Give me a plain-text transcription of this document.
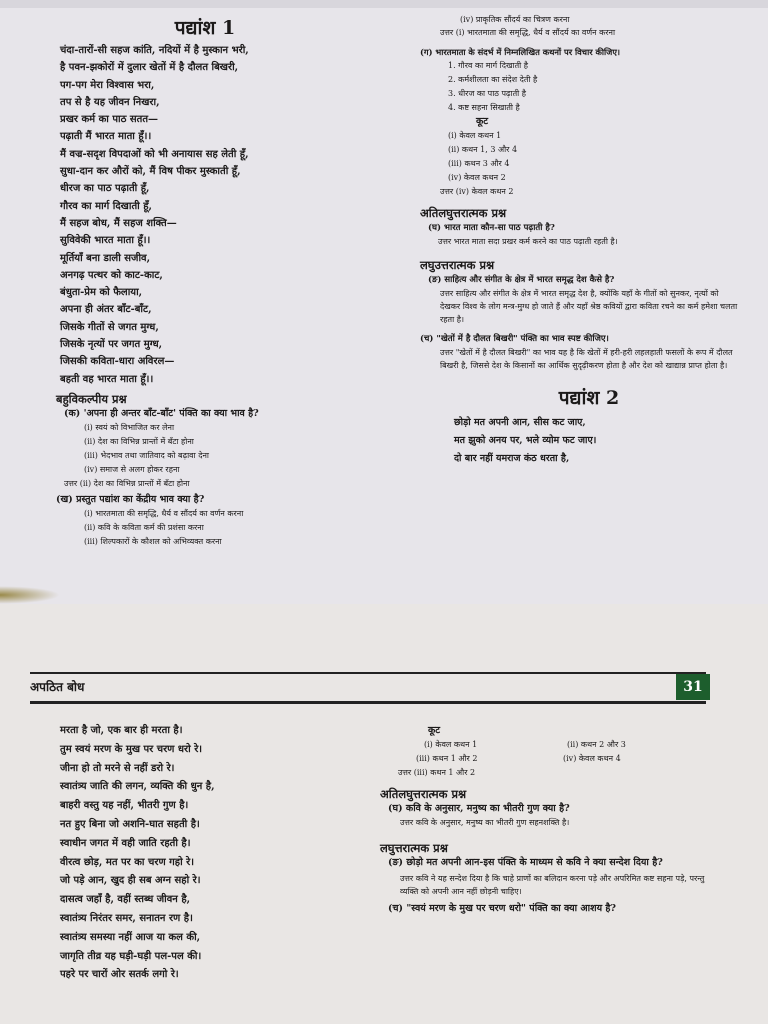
पद्यांश 1
चंदा-तारों-सी सहज कांति, नदियों में है मुस्कान भरी,
है पवन-झकोरों में दुलार खेतों में है दौलत बिखरी,
पग-पग मेरा विश्वास भरा,
तप से है यह जीवन निखरा,
प्रखर कर्म का पाठ सतत—
पढ़ाती मैं भारत माता हूँ।।
मैं वज्र-सदृश विपदाओं को भी अनायास सह लेती हूँ,
सुधा-दान कर औरों को, मैं विष पीकर मुस्काती हूँ,
धीरज का पाठ पढ़ाती हूँ,
गौरव का मार्ग दिखाती हूँ,
मैं सहज बोध, मैं सहज शक्ति—
सुविवेकी भारत माता हूँ।।
मूर्तियाँ बना डाली सजीव,
अनगढ़ पत्थर को काट-काट,
बंधुता-प्रेम को फैलाया,
अपना ही अंतर बाँट-बाँट,
जिसके गीतों से जगत मुग्ध,
जिसके नृत्यों पर जगत मुग्ध,
जिसकी कविता-धारा अविरल—
बहती वह भारत माता हूँ।।
बहुविकल्पीय प्रश्न
(क) 'अपना ही अन्तर बाँट-बाँट' पंक्ति का क्या भाव है?
(i) स्वयं को विभाजित कर लेना
(ii) देश का विभिन्न प्रान्तों में बँटा होना
(iii) भेदभाव तथा जातिवाद को बढ़ावा देना
(iv) समाज से अलग होकर रहना
उत्तर (ii) देश का विभिन्न प्रान्तों में बँटा होना
(ख) प्रस्तुत पद्यांश का केंद्रीय भाव क्या है?
(i) भारतमाता की समृद्धि, धैर्य व सौंदर्य का वर्णन करना
(ii) कवि के कविता कर्म की प्रशंसा करना
(iii) शिल्पकारों के कौशल को अभिव्यक्त करना
(iv) प्राकृतिक सौंदर्य का चित्रण करना
उत्तर (i) भारतमाता की समृद्धि, धैर्य व सौंदर्य का वर्णन करना
(ग) भारतमाता के संदर्भ में निम्नलिखित कथनों पर विचार कीजिए।
1. गौरव का मार्ग दिखाती है
2. कर्मशीलता का संदेश देती है
3. धीरज का पाठ पढ़ाती है
4. कष्ट सहना सिखाती है
कूट
(i) केवल कथन 1
(ii) कथन 1, 3 और 4
(iii) कथन 3 और 4
(iv) केवल कथन 2
उत्तर (iv) केवल कथन 2
अतिलघुत्तरात्मक प्रश्न
(घ) भारत माता कौन-सा पाठ पढ़ाती है?
उत्तर भारत माता सदा प्रखर कर्म करने का पाठ पढ़ाती रहती है।
लघुउत्तरात्मक प्रश्न
(ङ) साहित्य और संगीत के क्षेत्र में भारत समृद्ध देश कैसे है?
उत्तर साहित्य और संगीत के क्षेत्र में भारत समृद्ध देश है, क्योंकि यहाँ के गीतों को सुनकर, नृत्यों को देखकर विश्व के लोग मन्त्र-मुग्ध हो जाते हैं और यहाँ श्रेष्ठ कवियों द्वारा कविता रचने का कर्म हमेशा चलता रहता है।
(च) "खेतों में है दौलत बिखरी" पंक्ति का भाव स्पष्ट कीजिए।
उत्तर "खेतों में है दौलत बिखरी" का भाव यह है कि खेतों में हरी-हरी लहलहाती फसलों के रूप में दौलत बिखरी है, जिससे देश के किसानों का आर्थिक सुदृढ़ीकरण होता है और देश को खाद्यान्न प्राप्त होता है।
पद्यांश 2
छोड़ो मत अपनी आन, सीस कट जाए,
मत झुको अनय पर, भले व्योम फट जाए।
दो बार नहीं यमराज कंठ धरता है,
अपठित बोध	31
मरता है जो, एक बार ही मरता है।
तुम स्वयं मरण के मुख पर चरण धरो रे।
जीना हो तो मरने से नहीं डरो रे।
स्वातंत्र्य जाति की लगन, व्यक्ति की धुन है,
बाहरी वस्तु यह नहीं, भीतरी गुण है।
नत हुए बिना जो अशनि-घात सहती है।
स्वाधीन जगत में वही जाति रहती है।
वीरत्व छोड़, मत पर का चरण गहो रे।
जो पड़े आन, खुद ही सब अग्न सहो रे।
दासत्व जहाँ है, वहीं स्तब्ध जीवन है,
स्वातंत्र्य निरंतर समर, सनातन रण है।
स्वातंत्र्य समस्या नहीं आज या कल की,
जागृति तीव्र यह घड़ी-घड़ी पल-पल की।
पहरे पर चारों ओर सतर्क लगो रे।
कूट
(i) केवल कथन 1	(ii) कथन 2 और 3
(iii) कथन 1 और 2	(iv) केवल कथन 4
उत्तर (iii) कथन 1 और 2
अतिलघुत्तरात्मक प्रश्न
(घ) कवि के अनुसार, मनुष्य का भीतरी गुण क्या है?
उत्तर कवि के अनुसार, मनुष्य का भीतरी गुण सहनशक्ति है।
लघुत्तरात्मक प्रश्न
(ङ) छोड़ो मत अपनी आन-इस पंक्ति के माध्यम से कवि ने क्या सन्देश दिया है?
उत्तर कवि ने यह सन्देश दिया है कि चाहे प्राणों का बलिदान करना पड़े और अपरिमित कष्ट सहना पड़े, परन्तु व्यक्ति को अपनी आन नहीं छोड़नी चाहिए।
(च) "स्वयं मरण के मुख पर चरण धरो" पंक्ति का क्या आशय है?
